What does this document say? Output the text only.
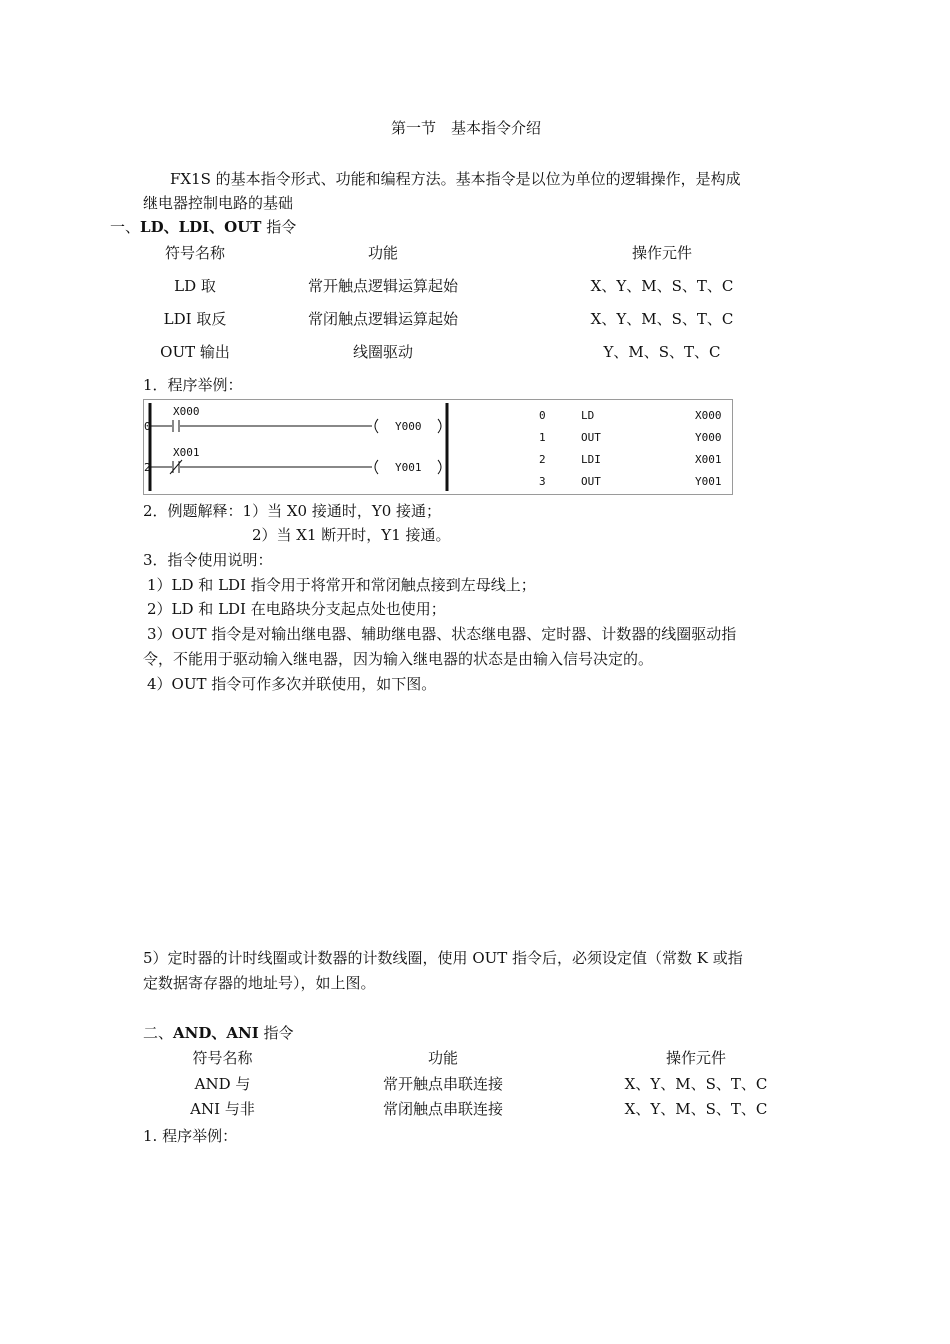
第一节　基本指令介绍
FX1S 的基本指令形式、功能和编程方法。基本指令是以位为单位的逻辑操作，是构成
继电器控制电路的基础
一、LD、LDI、OUT 指令
符号名称	功能	操作元件
LD 取	常开触点逻辑运算起始	X、Y、M、S、T、C
LDI 取反	常闭触点逻辑运算起始	X、Y、M、S、T、C
OUT 输出	线圈驱动	Y、M、S、T、C
1．程序举例：
0
X000
Y000
2
X001
Y001
0	LD	X000
1	OUT	Y000
2	LDI	X001
3	OUT	Y001
2．例题解释：1）当 X0 接通时，Y0 接通；
2）当 X1 断开时，Y1 接通。
3．指令使用说明：
1）LD 和 LDI 指令用于将常开和常闭触点接到左母线上；
2）LD 和 LDI 在电路块分支起点处也使用；
3）OUT 指令是对输出继电器、辅助继电器、状态继电器、定时器、计数器的线圈驱动指
令，不能用于驱动输入继电器，因为输入继电器的状态是由输入信号决定的。
4）OUT 指令可作多次并联使用，如下图。
5）定时器的计时线圈或计数器的计数线圈，使用 OUT 指令后，必须设定值（常数 K 或指
定数据寄存器的地址号），如上图。
二、AND、ANI 指令
符号名称	功能	操作元件
AND 与	常开触点串联连接	X、Y、M、S、T、C
ANI 与非	常闭触点串联连接	X、Y、M、S、T、C
1. 程序举例：
